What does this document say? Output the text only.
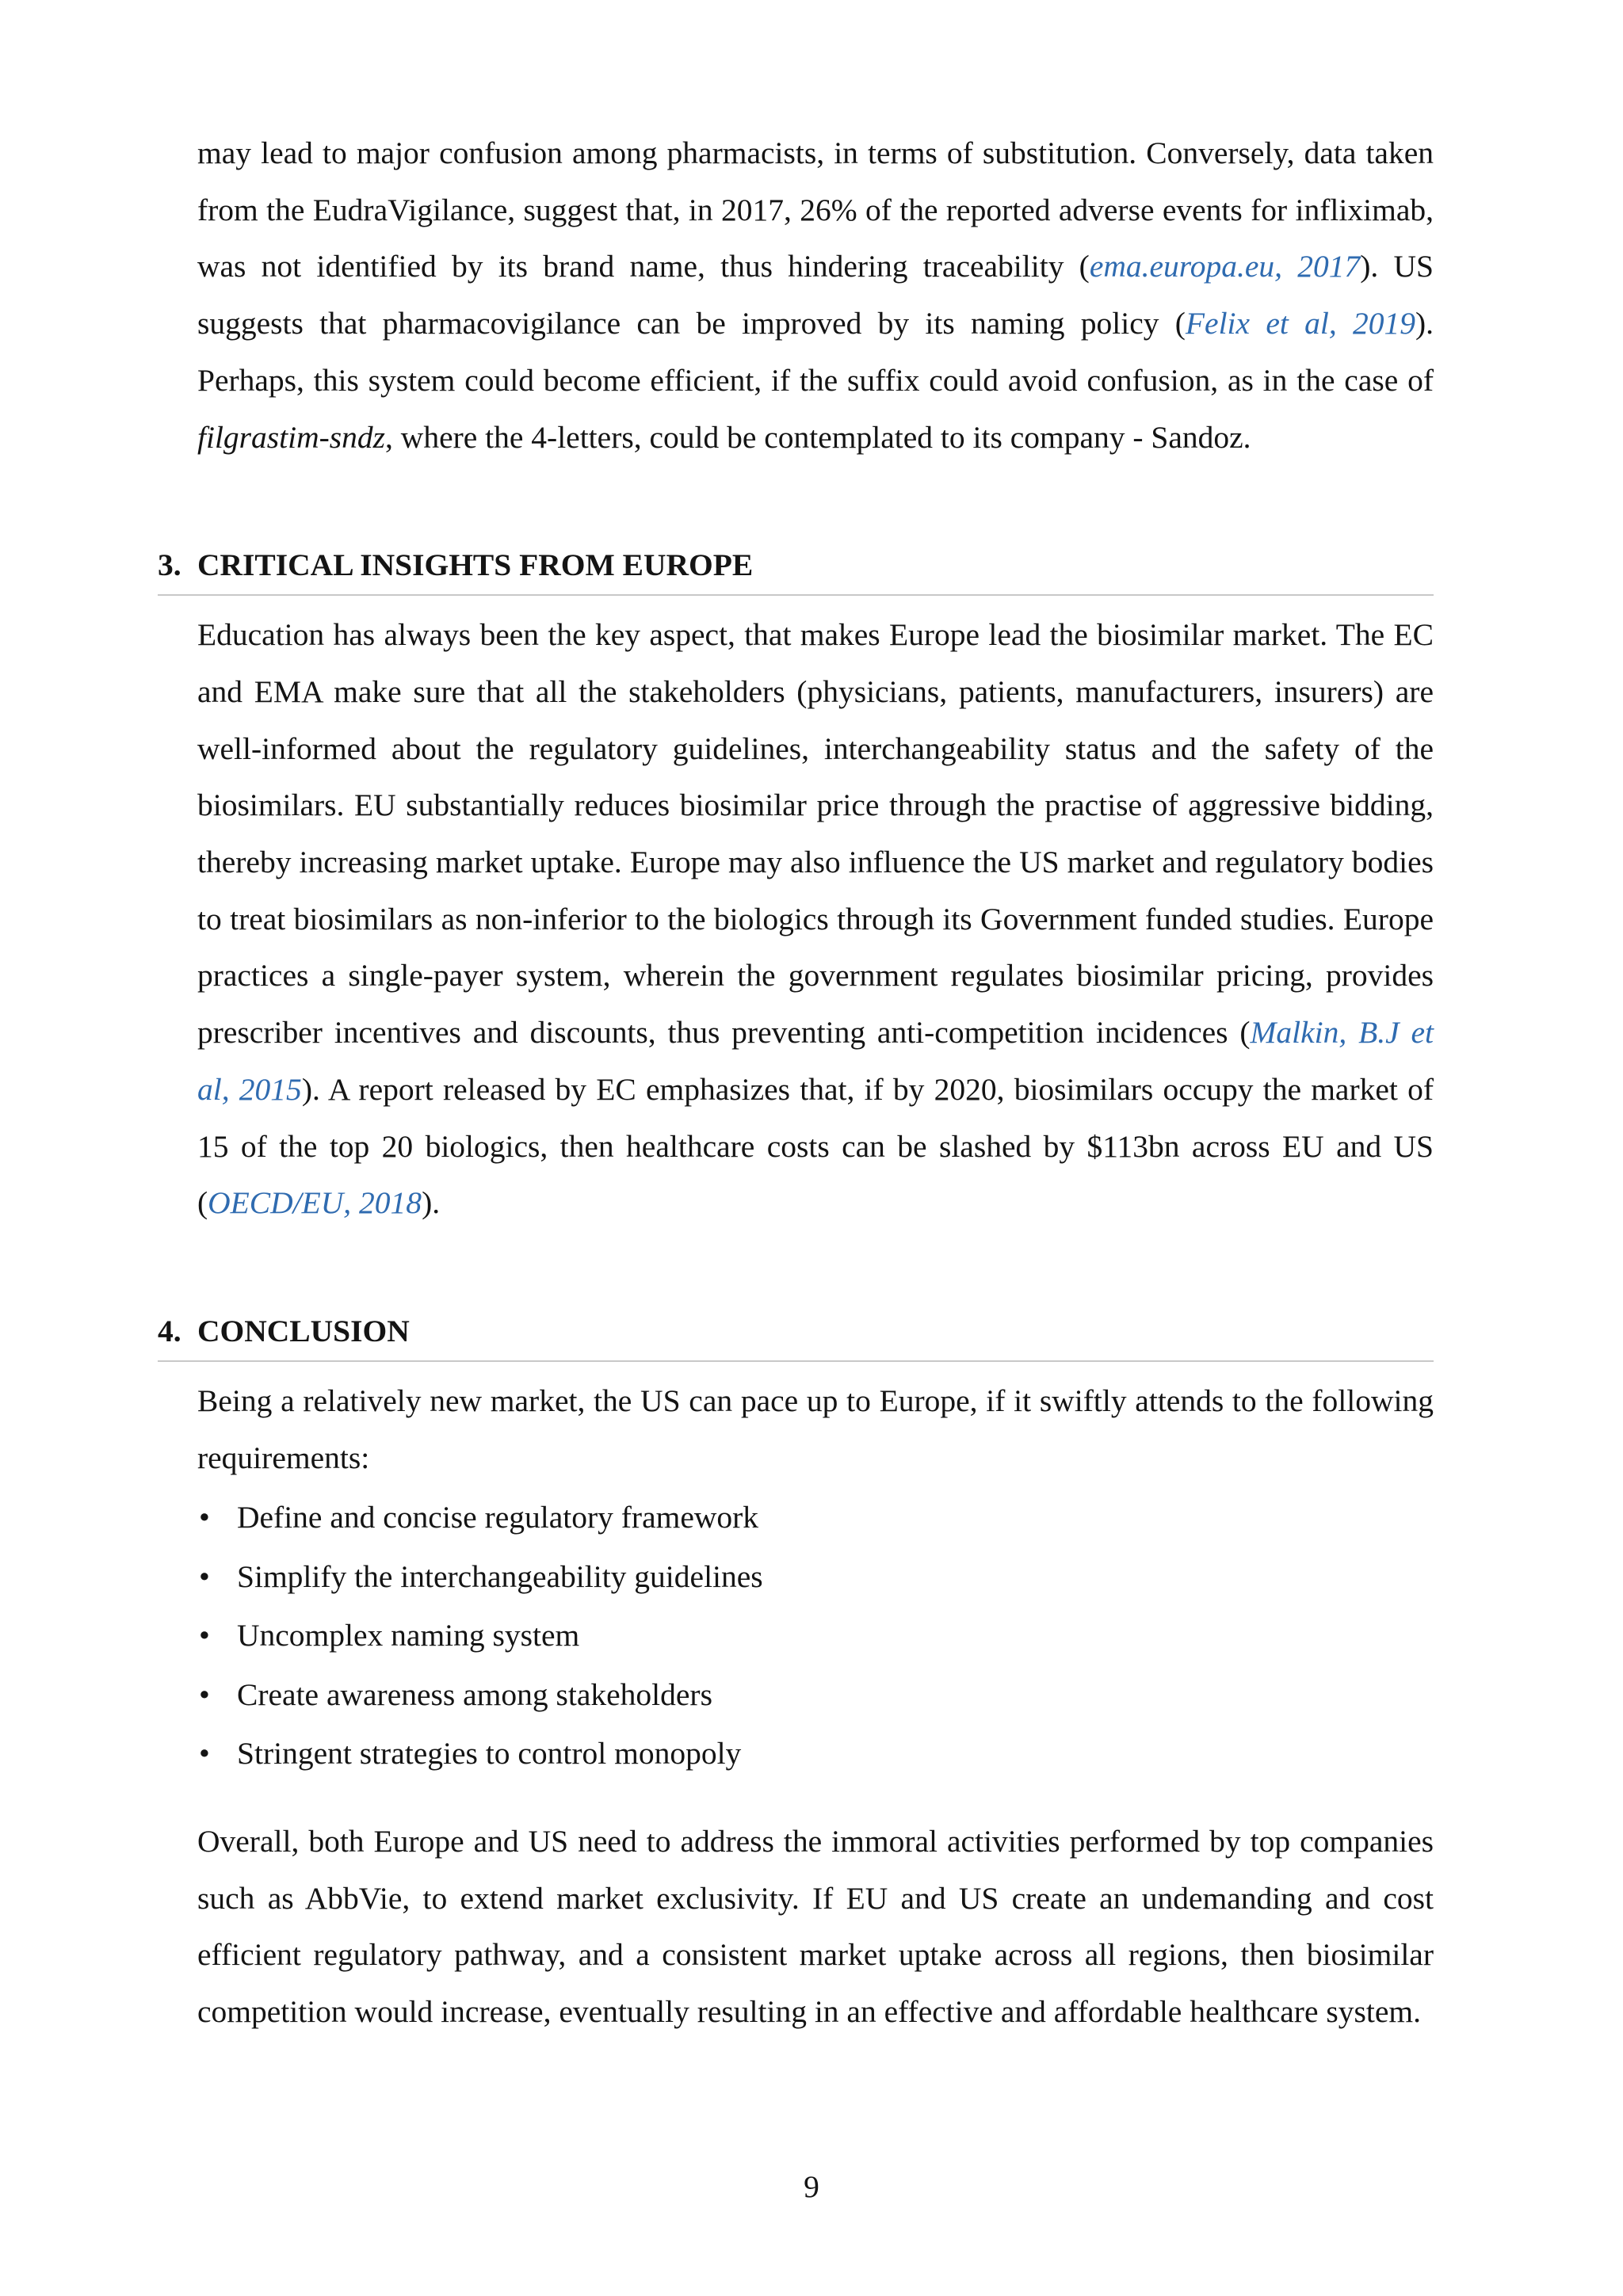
may lead to major confusion among pharmacists, in terms of substitution. Conversely, data taken from the EudraVigilance, suggest that, in 2017, 26% of the reported adverse events for infliximab, was not identified by its brand name, thus hindering traceability (ema.europa.eu, 2017). US suggests that pharmacovigilance can be improved by its naming policy (Felix et al, 2019). Perhaps, this system could become efficient, if the suffix could avoid confusion, as in the case of filgrastim-sndz, where the 4-letters, could be contemplated to its company - Sandoz.

3. CRITICAL INSIGHTS FROM EUROPE

Education has always been the key aspect, that makes Europe lead the biosimilar market. The EC and EMA make sure that all the stakeholders (physicians, patients, manufacturers, insurers) are well-informed about the regulatory guidelines, interchangeability status and the safety of the biosimilars. EU substantially reduces biosimilar price through the practise of aggressive bidding, thereby increasing market uptake. Europe may also influence the US market and regulatory bodies to treat biosimilars as non-inferior to the biologics through its Government funded studies. Europe practices a single-payer system, wherein the government regulates biosimilar pricing, provides prescriber incentives and discounts, thus preventing anti-competition incidences (Malkin, B.J et al, 2015). A report released by EC emphasizes that, if by 2020, biosimilars occupy the market of 15 of the top 20 biologics, then healthcare costs can be slashed by $113bn across EU and US (OECD/EU, 2018).

4. CONCLUSION

Being a relatively new market, the US can pace up to Europe, if it swiftly attends to the following requirements:

• Define and concise regulatory framework
• Simplify the interchangeability guidelines
• Uncomplex naming system
• Create awareness among stakeholders
• Stringent strategies to control monopoly

Overall, both Europe and US need to address the immoral activities performed by top companies such as AbbVie, to extend market exclusivity. If EU and US create an undemanding and cost efficient regulatory pathway, and a consistent market uptake across all regions, then biosimilar competition would increase, eventually resulting in an effective and affordable healthcare system.

9
